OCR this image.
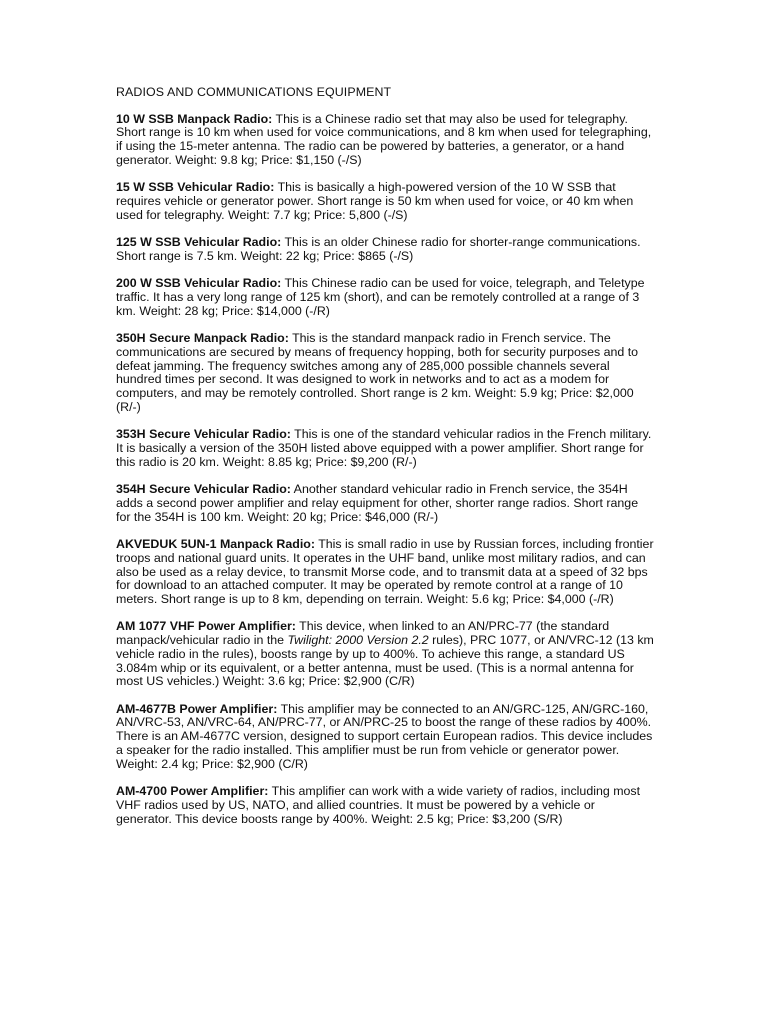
RADIOS AND COMMUNICATIONS EQUIPMENT

10 W SSB Manpack Radio: This is a Chinese radio set that may also be used for telegraphy. Short range is 10 km when used for voice communications, and 8 km when used for telegraphing, if using the 15-meter antenna. The radio can be powered by batteries, a generator, or a hand generator. Weight: 9.8 kg; Price: $1,150 (-/S)

15 W SSB Vehicular Radio: This is basically a high-powered version of the 10 W SSB that requires vehicle or generator power. Short range is 50 km when used for voice, or 40 km when used for telegraphy. Weight: 7.7 kg; Price: 5,800 (-/S)

125 W SSB Vehicular Radio: This is an older Chinese radio for shorter-range communications. Short range is 7.5 km. Weight: 22 kg; Price: $865 (-/S)

200 W SSB Vehicular Radio: This Chinese radio can be used for voice, telegraph, and Teletype traffic. It has a very long range of 125 km (short), and can be remotely controlled at a range of 3 km. Weight: 28 kg; Price: $14,000 (-/R)

350H Secure Manpack Radio: This is the standard manpack radio in French service. The communications are secured by means of frequency hopping, both for security purposes and to defeat jamming. The frequency switches among any of 285,000 possible channels several hundred times per second. It was designed to work in networks and to act as a modem for computers, and may be remotely controlled. Short range is 2 km. Weight: 5.9 kg; Price: $2,000 (R/-)

353H Secure Vehicular Radio: This is one of the standard vehicular radios in the French military. It is basically a version of the 350H listed above equipped with a power amplifier. Short range for this radio is 20 km. Weight: 8.85 kg; Price: $9,200 (R/-)

354H Secure Vehicular Radio: Another standard vehicular radio in French service, the 354H adds a second power amplifier and relay equipment for other, shorter range radios. Short range for the 354H is 100 km. Weight: 20 kg; Price: $46,000 (R/-)

AKVEDUK 5UN-1 Manpack Radio: This is small radio in use by Russian forces, including frontier troops and national guard units. It operates in the UHF band, unlike most military radios, and can also be used as a relay device, to transmit Morse code, and to transmit data at a speed of 32 bps for download to an attached computer. It may be operated by remote control at a range of 10 meters. Short range is up to 8 km, depending on terrain. Weight: 5.6 kg; Price: $4,000 (-/R)

AM 1077 VHF Power Amplifier: This device, when linked to an AN/PRC-77 (the standard manpack/vehicular radio in the Twilight: 2000 Version 2.2 rules), PRC 1077, or AN/VRC-12 (13 km vehicle radio in the rules), boosts range by up to 400%. To achieve this range, a standard US 3.084m whip or its equivalent, or a better antenna, must be used. (This is a normal antenna for most US vehicles.) Weight: 3.6 kg; Price: $2,900 (C/R)

AM-4677B Power Amplifier: This amplifier may be connected to an AN/GRC-125, AN/GRC-160, AN/VRC-53, AN/VRC-64, AN/PRC-77, or AN/PRC-25 to boost the range of these radios by 400%. There is an AM-4677C version, designed to support certain European radios. This device includes a speaker for the radio installed. This amplifier must be run from vehicle or generator power. Weight: 2.4 kg; Price: $2,900 (C/R)

AM-4700 Power Amplifier: This amplifier can work with a wide variety of radios, including most VHF radios used by US, NATO, and allied countries. It must be powered by a vehicle or generator. This device boosts range by 400%. Weight: 2.5 kg; Price: $3,200 (S/R)
